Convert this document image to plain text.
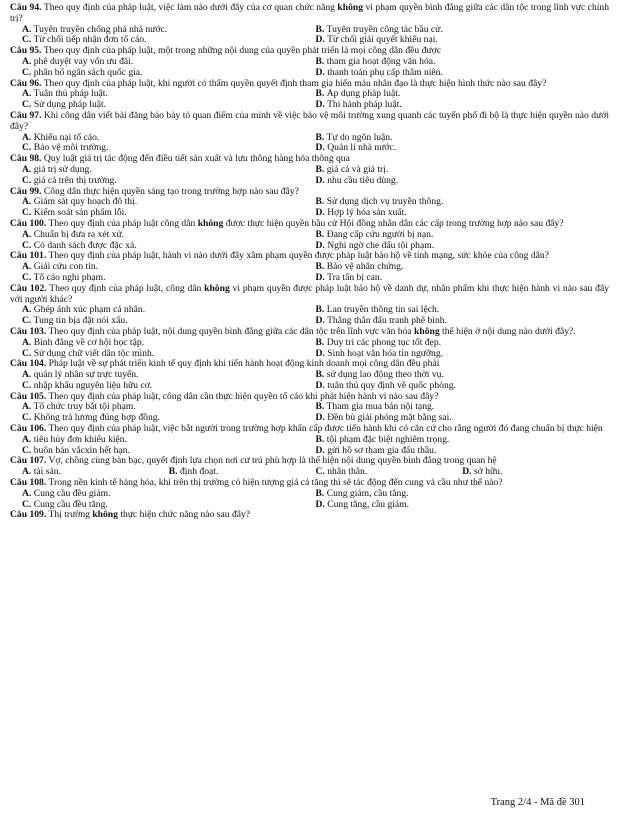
Câu 94. Theo quy định của pháp luật, việc làm nào dưới đây của cơ quan chức năng không vi phạm quyền bình đẳng giữa các dân tộc trong lĩnh vực chính trị?

A. Tuyên truyền chống phá nhà nước.	B. Tuyên truyền công tác bầu cử.
C. Từ chối tiếp nhận đơn tố cáo.	D. Từ chối giải quyết khiếu nại.

Câu 95. Theo quy định của pháp luật, một trong những nội dung của quyền phát triển là mọi công dân đều được

A. phê duyệt vay vốn ưu đãi.	B. tham gia hoạt động văn hóa.
C. phân bổ ngân sách quốc gia.	D. thanh toán phụ cấp thâm niên.

Câu 96. Theo quy định của pháp luật, khi người có thẩm quyền quyết định tham gia hiến máu nhân đạo là thực hiện hình thức nào sau đây?

A. Tuân thủ pháp luật.	B. Áp dụng pháp luật.
C. Sử dụng pháp luật.	D. Thi hành pháp luật.

Câu 97. Khi công dân viết bài đăng báo bày tỏ quan điểm của mình về việc bảo vệ môi trường xung quanh các tuyến phố đi bộ là thực hiện quyền nào dưới đây?

A. Khiếu nại tố cáo.	B. Tự do ngôn luận.
C. Bảo vệ môi trường.	D. Quản lí nhà nước.

Câu 98. Quy luật giá trị tác động đến điều tiết sản xuất và lưu thông hàng hóa thông qua

A. giá trị sử dụng.	B. giá cả và giá trị.
C. giá cả trên thị trường.	D. nhu cầu tiêu dùng.

Câu 99. Công dân thực hiện quyền sáng tạo trong trường hợp nào sau đây?

A. Giám sát quy hoạch đô thị.	B. Sử dụng dịch vụ truyền thông.
C. Kiểm soát sản phẩm lỗi.	D. Hợp lý hóa sản xuất.

Câu 100. Theo quy định của pháp luật công dân không được thực hiện quyền bầu cử Hội đồng nhân dân các cấp trong trường hợp nào sau đây?

A. Chuẩn bị đưa ra xét xử.	B. Đang cấp cứu người bị nạn.
C. Có danh sách được đặc xá.	D. Nghi ngờ che dấu tội phạm.

Câu 101. Theo quy định của pháp luật, hành vi nào dưới đây xâm phạm quyền được pháp luật bảo hộ về tính mạng, sức khỏe của công dân?

A. Giải cứu con tin.	B. Bảo vệ nhân chứng.
C. Tố cáo nghi phạm.	D. Tra tấn bị can.

Câu 102. Theo quy định của pháp luật, công dân không vi phạm quyền được pháp luật bảo hộ về danh dự, nhân phẩm khi thực hiện hành vi nào sau đây với người khác?

A. Ghép ảnh xúc phạm cá nhân.	B. Lan truyền thông tin sai lệch.
C. Tung tin bịa đặt nói xấu.	D. Thẳng thắn đấu tranh phê bình.

Câu 103. Theo quy định của pháp luật, nội dung quyền bình đẳng giữa các dân tộc trên lĩnh vực văn hóa không thể hiện ở nội dung nào dưới đây?.

A. Bình đẳng về cơ hội học tập.	B. Duy trì các phong tục tốt đẹp.
C. Sử dụng chữ viết dân tộc mình.	D. Sinh hoạt văn hóa tín ngưỡng.

Câu 104. Pháp luật về sự phát triển kinh tế quy định khi tiến hành hoạt động kinh doanh mọi công dân đều phải

A. quản lý nhân sự trực tuyến.	B. sử dụng lao động theo thời vụ.
C. nhập khẩu nguyên liệu hữu cơ.	D. tuân thủ quy định về quốc phòng.

Câu 105. Theo quy định của pháp luật, công dân cần thực hiện quyền tố cáo khi phát hiện hành vi nào sau đây?

A. Tổ chức truy bắt tội phạm.	B. Tham gia mua bán nội tạng.
C. Không trả lương đúng hợp đồng.	D. Đền bù giải phóng mặt bằng sai.

Câu 106. Theo quy định của pháp luật, việc bắt người trong trường hợp khẩn cấp được tiến hành khi có căn cứ cho rằng người đó đang chuẩn bị thực hiện

A. tiêu hủy đơn khiếu kiện.	B. tội phạm đặc biệt nghiêm trọng.
C. buôn bán vắcxin hết hạn.	D. gửi hồ sơ tham gia đấu thầu.

Câu 107. Vợ, chồng cùng bàn bạc, quyết định lựa chọn nơi cư trú phù hợp là thể hiện nội dung quyền bình đẳng trong quan hệ

A. tài sản.	B. định đoạt.	C. nhân thân.	D. sở hữu.

Câu 108. Trong nền kinh tế hàng hóa, khi trên thị trường có hiện tượng giá cả tăng thì sẽ tác động đến cung và cầu như thế nào?

A. Cung cầu đều giảm.	B. Cung giảm, cầu tăng.
C. Cung cầu đều tăng.	D. Cung tăng, cầu giảm.

Câu 109. Thị trường không thực hiện chức năng nào sau đây?

Trang 2/4 - Mã đề 301
